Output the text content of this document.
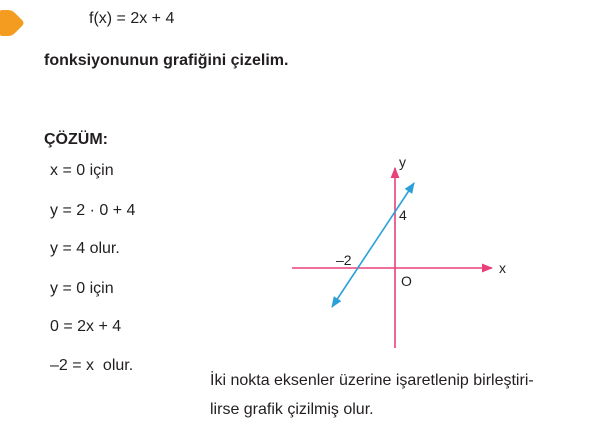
f(x) = 2x + 4
fonksiyonunun grafiğini çizelim.
ÇÖZÜM:
x = 0 için
y = 2 · 0 + 4
y = 4 olur.
y = 0 için
0 = 2x + 4
–2 = x  olur.
y
x
4
–2
O
İki nokta eksenler üzerine işaretlenip birleştiri-
lirse grafik çizilmiş olur.
